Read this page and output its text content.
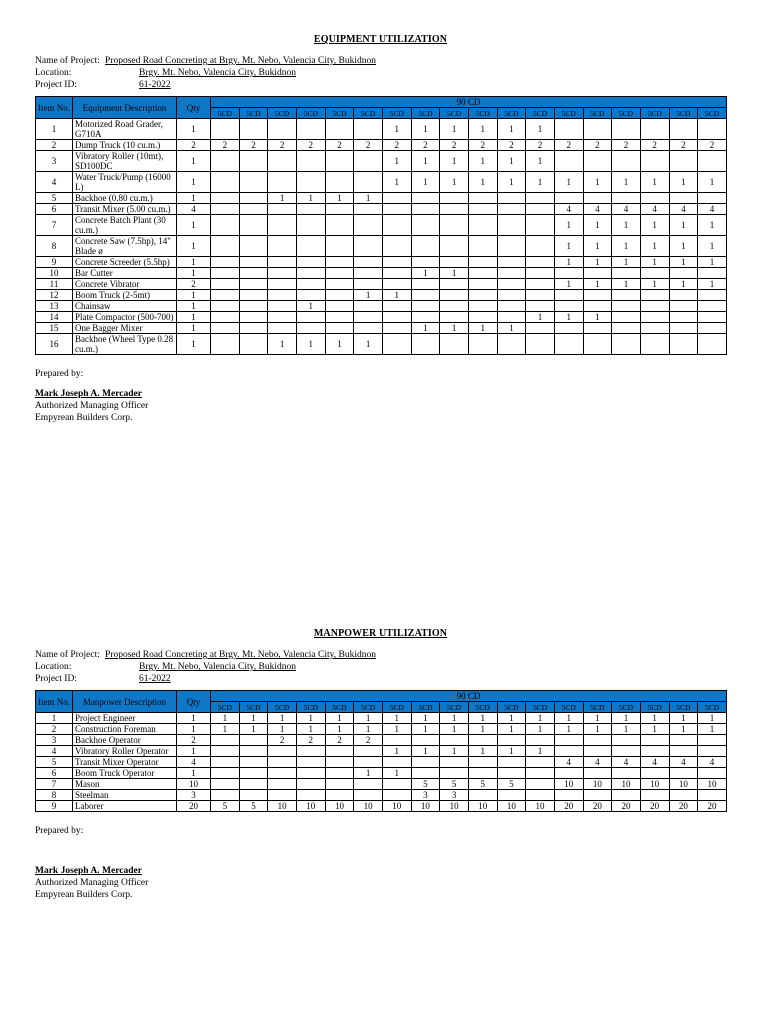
EQUIPMENT UTILIZATION
Name of Project: Proposed Road Concreting at Brgy. Mt. Nebo, Valencia City, Bukidnon
Location:	Brgy. Mt. Nebo, Valencia City, Bukidnon
Project ID:	61-2022
Item No.	Equipment Description	Qty	90 CD																	
			5CD	5CD	5CD	5CD	5CD	5CD	5CD	5CD	5CD	5CD	5CD	5CD	5CD	5CD	5CD	5CD	5CD	5CD
1	Motorized Road Grader, G710A	1							1	1	1	1	1	1						
2	Dump Truck (10 cu.m.)	2	2	2	2	2	2	2	2	2	2	2	2	2	2	2	2	2	2	2
3	Vibratory Roller (10mt), SD100DC	1							1	1	1	1	1	1						
4	Water Truck/Pump (16000 L)	1							1	1	1	1	1	1	1	1	1	1	1	1
5	Backhoe (0.80 cu.m.)	1			1	1	1	1												
6	Transit Mixer (5.00 cu.m.)	4													4	4	4	4	4	4
7	Concrete Batch Plant (30 cu.m.)	1													1	1	1	1	1	1
8	Concrete Saw (7.5hp), 14" Blade ø	1													1	1	1	1	1	1
9	Concrete Screeder (5.5hp)	1													1	1	1	1	1	1
10	Bar Cutter	1								1	1									
11	Concrete Vibrator	2													1	1	1	1	1	1
12	Boom Truck (2-5mt)	1						1	1											
13	Chainsaw	1				1														
14	Plate Compactor (500-700)	1												1	1	1				
15	One Bagger Mixer	1								1	1	1	1							
16	Backhoe (Wheel Type 0.28 cu.m.)	1			1	1	1	1												
Prepared by:
Mark Joseph A. Mercader
Authorized Managing Officer
Empyrean Builders Corp.
MANPOWER UTILIZATION
Name of Project: Proposed Road Concreting at Brgy. Mt. Nebo, Valencia City, Bukidnon
Location:	Brgy. Mt. Nebo, Valencia City, Bukidnon
Project ID:	61-2022
Item No.	Manpower Description	Qty	90 CD																	
			5CD	5CD	5CD	5CD	5CD	5CD	5CD	5CD	5CD	5CD	5CD	5CD	5CD	5CD	5CD	5CD	5CD	5CD
1	Project Engineer	1	1	1	1	1	1	1	1	1	1	1	1	1	1	1	1	1	1	1
2	Construction Foreman	1	1	1	1	1	1	1	1	1	1	1	1	1	1	1	1	1	1	1
3	Backhoe Operator	2			2	2	2	2												
4	Vibratory Roller Operator	1							1	1	1	1	1	1						
5	Transit Mixer Operator	4													4	4	4	4	4	4
6	Boom Truck Operator	1						1	1											
7	Mason	10								5	5	5	5		10	10	10	10	10	10
8	Steelman	3								3	3									
9	Laborer	20	5	5	10	10	10	10	10	10	10	10	10	10	20	20	20	20	20	20
Prepared by:
Mark Joseph A. Mercader
Authorized Managing Officer
Empyrean Builders Corp.
